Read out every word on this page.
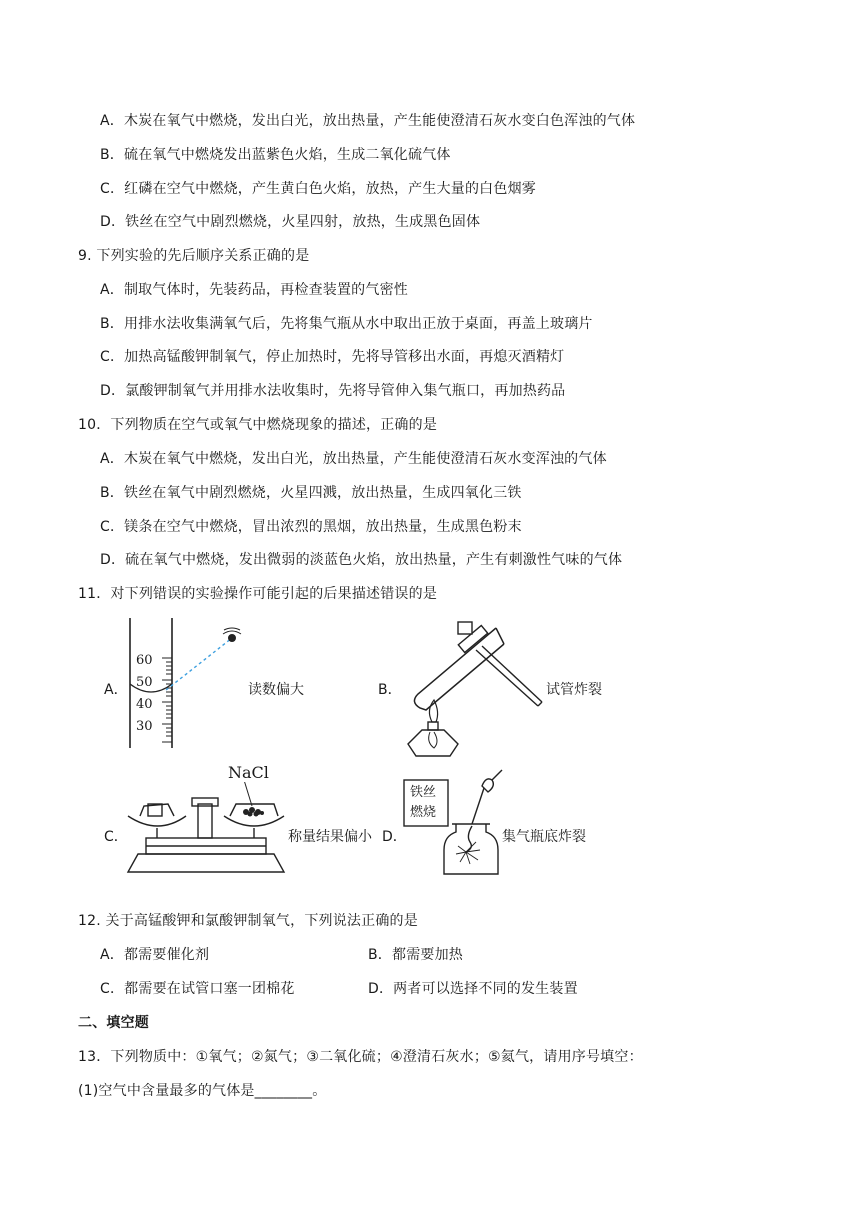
A．木炭在氧气中燃烧，发出白光，放出热量，产生能使澄清石灰水变白色浑浊的气体
B．硫在氧气中燃烧发出蓝紫色火焰，生成二氧化硫气体
C．红磷在空气中燃烧，产生黄白色火焰，放热，产生大量的白色烟雾
D．铁丝在空气中剧烈燃烧，火星四射，放热，生成黑色固体
9. 下列实验的先后顺序关系正确的是
A．制取气体时，先装药品，再检查装置的气密性
B．用排水法收集满氧气后，先将集气瓶从水中取出正放于桌面，再盖上玻璃片
C．加热高锰酸钾制氧气，停止加热时，先将导管移出水面，再熄灭酒精灯
D．氯酸钾制氧气并用排水法收集时，先将导管伸入集气瓶口，再加热药品
10．下列物质在空气或氧气中燃烧现象的描述，正确的是
A．木炭在氧气中燃烧，发出白光，放出热量，产生能使澄清石灰水变浑浊的气体
B．铁丝在氧气中剧烈燃烧，火星四溅，放出热量，生成四氧化三铁
C．镁条在空气中燃烧，冒出浓烈的黑烟，放出热量，生成黑色粉末
D．硫在氧气中燃烧，发出微弱的淡蓝色火焰，放出热量，产生有刺激性气味的气体
11．对下列错误的实验操作可能引起的后果描述错误的是
A．
60
50
40
30
读数偏大	B．	试管炸裂
C．
NaCl
称量结果偏小 D．
铁丝
燃烧
集气瓶底炸裂
12. 关于高锰酸钾和氯酸钾制氧气，下列说法正确的是
A．都需要催化剂	B．都需要加热
C．都需要在试管口塞一团棉花	D．两者可以选择不同的发生装置
二、填空题
13．下列物质中：①氧气；②氮气；③二氧化硫；④澄清石灰水；⑤氦气，请用序号填空：
(1)空气中含量最多的气体是________。
